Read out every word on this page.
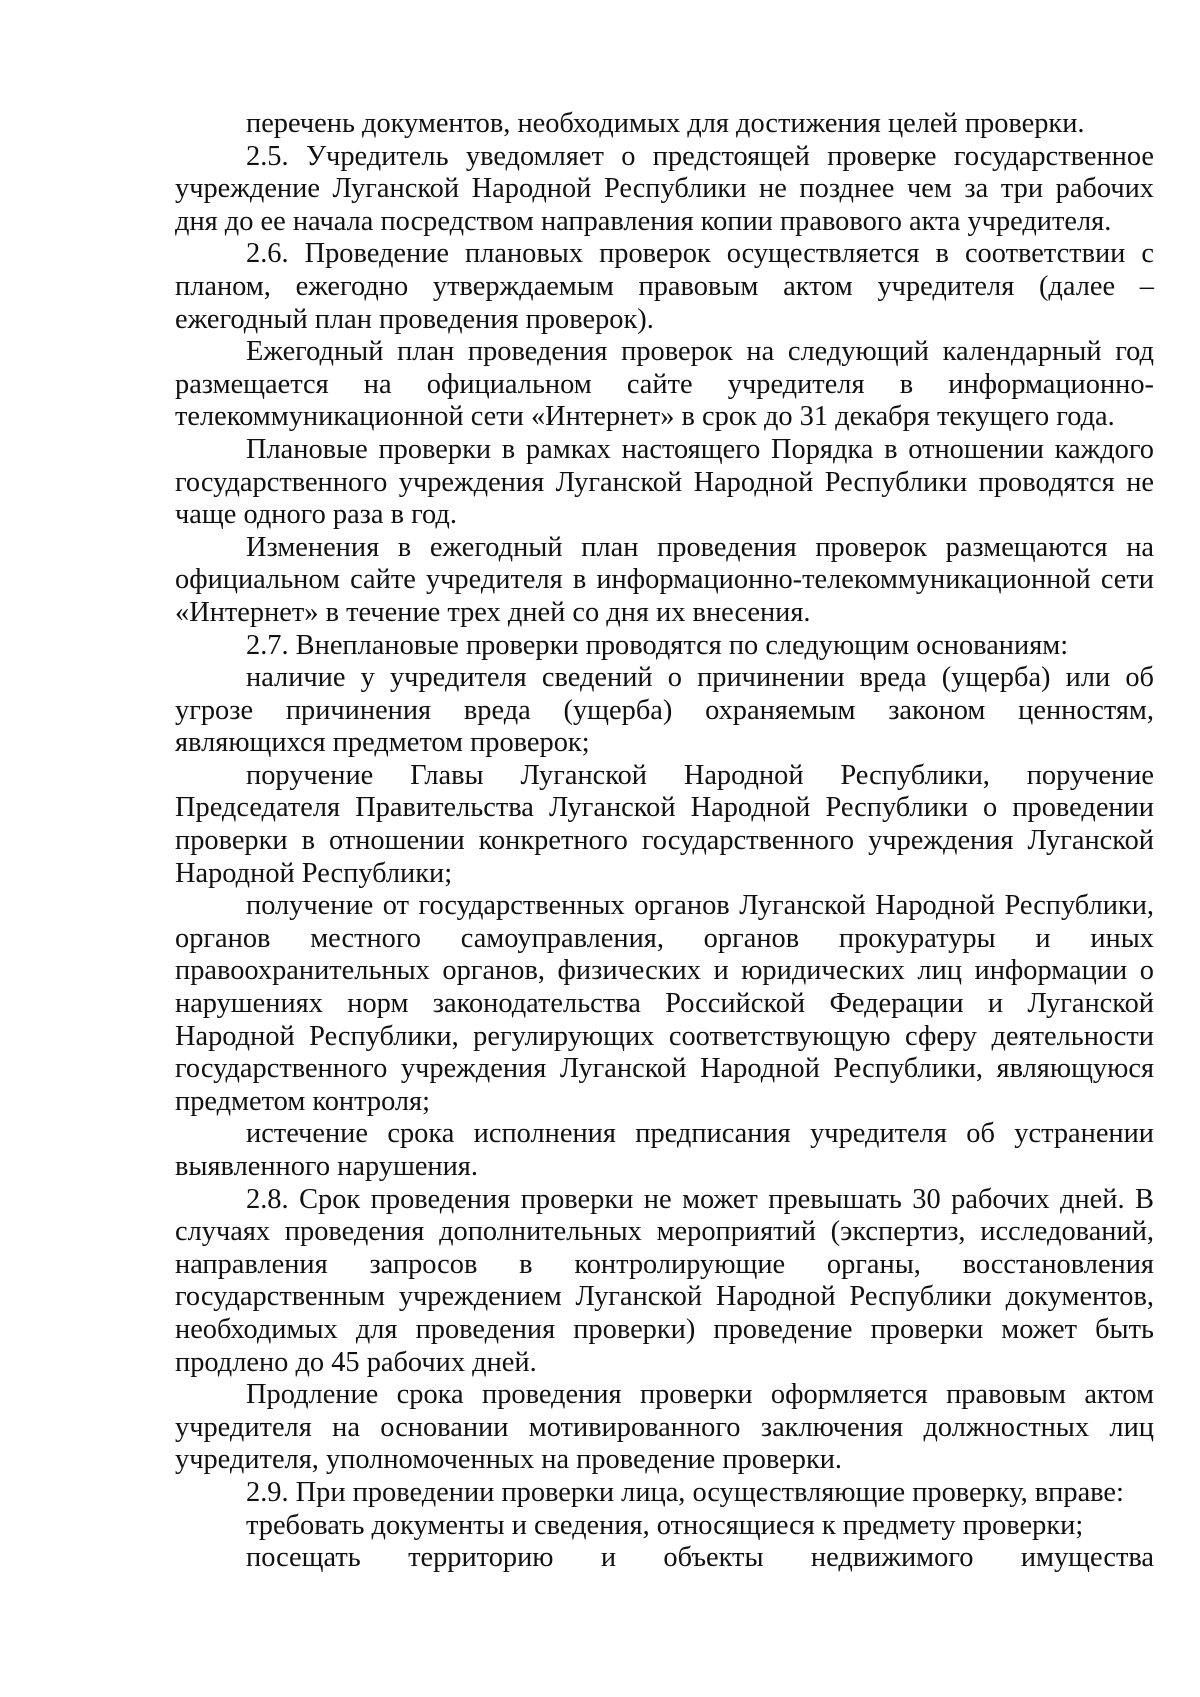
перечень документов, необходимых для достижения целей проверки.

2.5. Учредитель уведомляет о предстоящей проверке государственное учреждение Луганской Народной Республики не позднее чем за три рабочих дня до ее начала посредством направления копии правового акта учредителя.

2.6. Проведение плановых проверок осуществляется в соответствии с планом, ежегодно утверждаемым правовым актом учредителя (далее – ежегодный план проведения проверок).

Ежегодный план проведения проверок на следующий календарный год размещается на официальном сайте учредителя в информационно-телекоммуникационной сети «Интернет» в срок до 31 декабря текущего года.

Плановые проверки в рамках настоящего Порядка в отношении каждого государственного учреждения Луганской Народной Республики проводятся не чаще одного раза в год.

Изменения в ежегодный план проведения проверок размещаются на официальном сайте учредителя в информационно-телекоммуникационной сети «Интернет» в течение трех дней со дня их внесения.

2.7. Внеплановые проверки проводятся по следующим основаниям:

наличие у учредителя сведений о причинении вреда (ущерба) или об угрозе причинения вреда (ущерба) охраняемым законом ценностям, являющихся предметом проверок;

поручение Главы Луганской Народной Республики, поручение Председателя Правительства Луганской Народной Республики о проведении проверки в отношении конкретного государственного учреждения Луганской Народной Республики;

получение от государственных органов Луганской Народной Республики, органов местного самоуправления, органов прокуратуры и иных правоохранительных органов, физических и юридических лиц информации о нарушениях норм законодательства Российской Федерации и Луганской Народной Республики, регулирующих соответствующую сферу деятельности государственного учреждения Луганской Народной Республики, являющуюся предметом контроля;

истечение срока исполнения предписания учредителя об устранении выявленного нарушения.

2.8. Срок проведения проверки не может превышать 30 рабочих дней. В случаях проведения дополнительных мероприятий (экспертиз, исследований, направления запросов в контролирующие органы, восстановления государственным учреждением Луганской Народной Республики документов, необходимых для проведения проверки) проведение проверки может быть продлено до 45 рабочих дней.

Продление срока проведения проверки оформляется правовым актом учредителя на основании мотивированного заключения должностных лиц учредителя, уполномоченных на проведение проверки.

2.9. При проведении проверки лица, осуществляющие проверку, вправе:

требовать документы и сведения, относящиеся к предмету проверки;

посещать территорию и объекты недвижимого имущества
